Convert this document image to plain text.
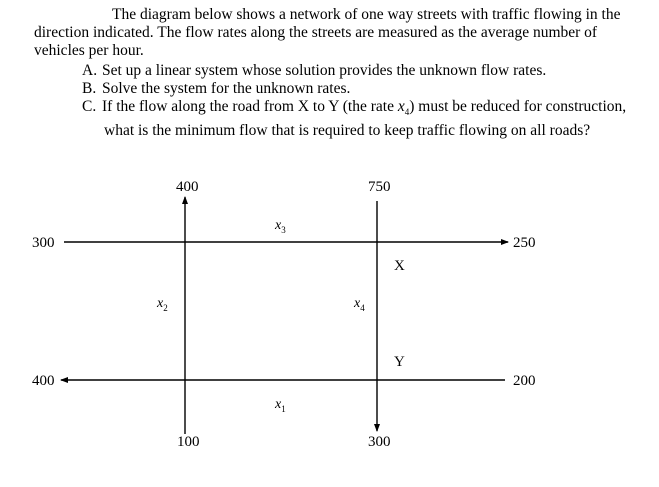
The diagram below shows a network of one way streets with traffic flowing in the
direction indicated. The flow rates along the streets are measured as the average number of
vehicles per hour.
A. Set up a linear system whose solution provides the unknown flow rates.
B. Solve the system for the unknown rates.
C. If the flow along the road from X to Y (the rate $x_4$) must be reduced for construction,
what is the minimum flow that is required to keep traffic flowing on all roads?
300
400
250
200
400	750
100	300
$x_3$
$x_2$	$x_4$
$x_1$
X
Y
